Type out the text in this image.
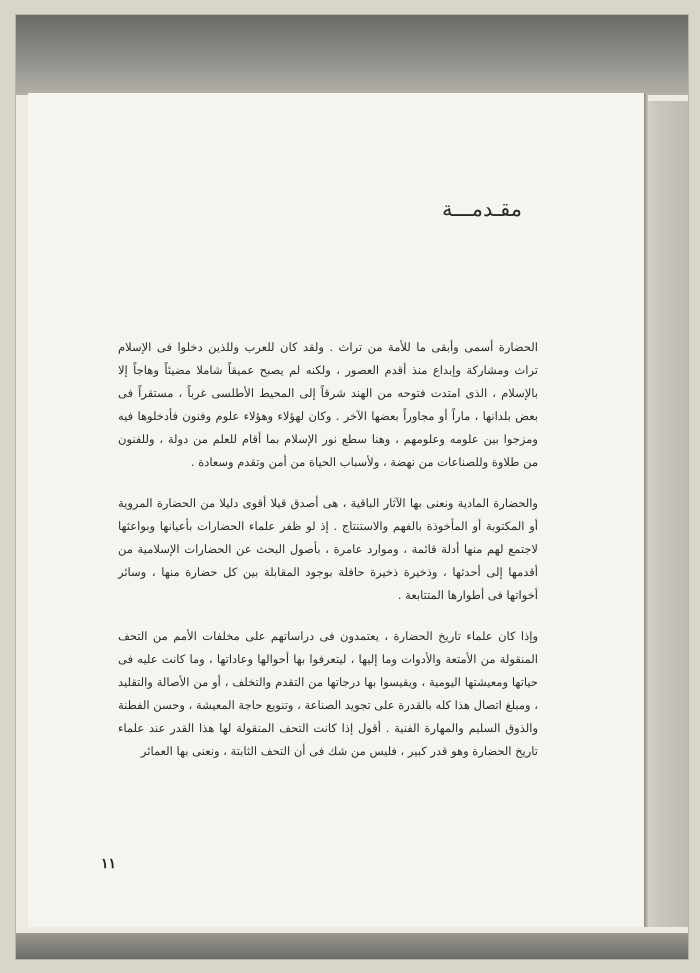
مقـدمـــة

الحضارة أسمى وأبقى ما للأمة من تراث . ولقد كان للعرب وللذين دخلوا فى الإسلام تراث ومشاركة وإبداع منذ أقدم العصور ، ولكنه لم يصبح عميقاً شاملا مضيئاً وهاجاً إلا بالإسلام ، الذى امتدت فتوحه من الهند شرقاً إلى المحيط الأطلسى غرباً ، مستقراً فى بعض بلدانها ، ماراً أو مجاوراً بعضها الآخر . وكان لهؤلاء وهؤلاء علوم وفنون فأدخلوها فيه ومزجوا بين علومه وعلومهم ، وهنا سطع نور الإسلام بما أقام للعلم من دولة ، وللفنون من طلاوة وللصناعات من نهضة ، ولأسباب الحياة من أمن وتقدم وسعادة .

والحضارة المادية ونعنى بها الآثار الباقية ، هى أصدق قيلا أقوى دليلا من الحضارة المروية أو المكتوبة أو المأخوذة بالفهم والاستنتاج . إذ لو ظفر علماء الحضارات بأعيانها وبواعثها لاجتمع لهم منها أدلة قائمة ، وموارد عامرة ، بأصول البحث عن الحضارات الإسلامية من أقدمها إلى أحدثها ، وذخيرة ذخيرة حافلة بوجود المقابلة بين كل حضارة منها ، وسائر أخواتها فى أطوارها المتتابعة .

وإذا كان علماء تاريخ الحضارة ، يعتمدون فى دراساتهم على مخلفات الأمم من التحف المنقولة من الأمتعة والأدوات وما إليها ، ليتعرفوا بها أحوالها وعاداتها ، وما كانت عليه فى حياتها ومعيشتها اليومية ، ويقيسوا بها درجاتها من التقدم والتخلف ، أو من الأصالة والتقليد ، ومبلغ اتصال هذا كله بالقدرة على تجويد الصناعة ، وتنويع حاجة المعيشة ، وحسن الفطنة والذوق السليم والمهارة الفنية . أقول إذا كانت التحف المنقولة لها هذا القدر عند علماء تاريخ الحضارة وهو قدر كبير ، فليس من شك فى أن التحف الثابتة ، ونعنى بها العمائر

١١
